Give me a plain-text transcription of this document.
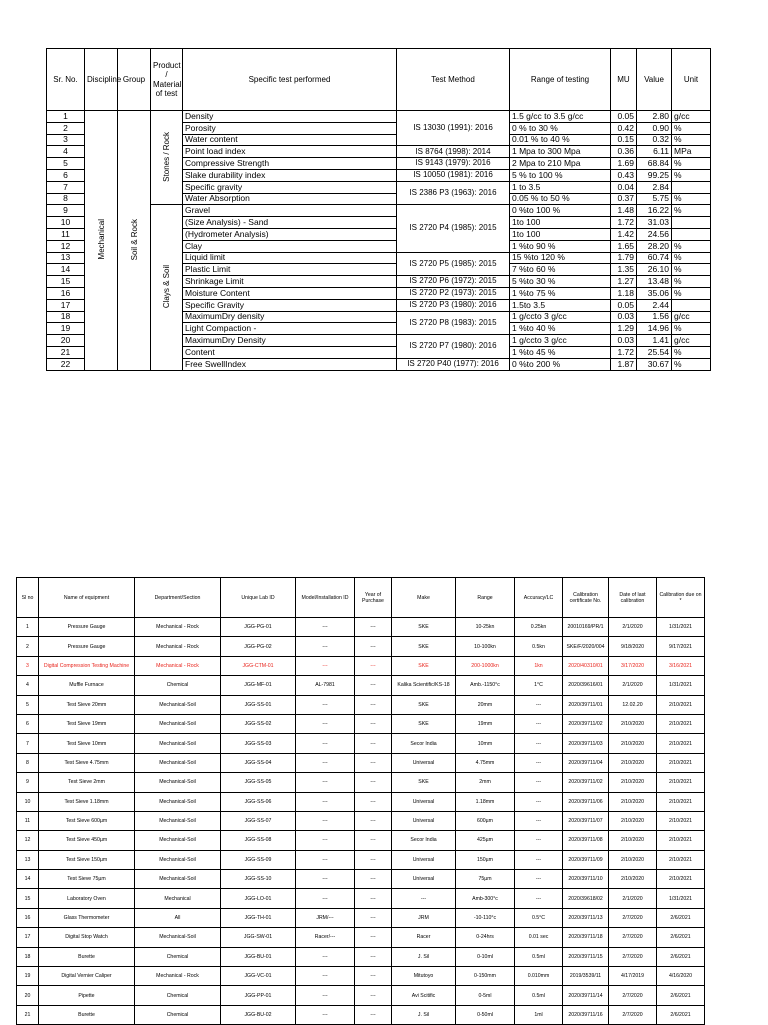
Sr. No.	Discipline	Group	Product / Material of test	Specific test performed	Test Method	Range of testing	MU	Value	Unit
1	Mechanical	Soil & Rock	Stones / Rock	Density	IS 13030 (1991): 2016	1.5 g/cc to 3.5 g/cc	0.05	2.80	g/cc
2				Porosity		0 % to 30 %	0.42	0.90	%
3				Water content		0.01 % to 40 %	0.15	0.32	%
4				Point load index	IS 8764 (1998): 2014	1 Mpa to 300 Mpa	0.36	6.11	MPa
5				Compressive Strength	IS 9143 (1979): 2016	2 Mpa to 210 Mpa	1.69	68.84	%
6				Slake durability index	IS 10050 (1981): 2016	5 % to 100 %	0.43	99.25	%
7				Specific gravity	IS 2386 P3 (1963): 2016	1 to 3.5	0.04	2.84	
8				Water Absorption		0.05 % to 50 %	0.37	5.75	%
9			Clays & Soil	Gravel	IS 2720 P4 (1985): 2015	0 %to 100 %	1.48	16.22	%
10				(Size Analysis) - Sand		1to 100	1.72	31.03	
11				(Hydrometer Analysis)		1to 100	1.42	24.56	
12				Clay		1 %to 90 %	1.65	28.20	%
13				Liquid limit	IS 2720 P5 (1985): 2015	15 %to 120 %	1.79	60.74	%
14				Plastic Limit		7 %to 60 %	1.35	26.10	%
15				Shrinkage Limit	IS 2720 P6 (1972): 2015	5 %to 30 %	1.27	13.48	%
16				Moisture Content	IS 2720 P2 (1973): 2015	1 %to 75 %	1.18	35.06	%
17				Specific Gravity	IS 2720 P3 (1980): 2016	1.5to 3.5	0.05	2.44	
18				MaximumDry density	IS 2720 P8 (1983): 2015	1 g/ccto 3 g/cc	0.03	1.56	g/cc
19				Light Compaction -		1 %to 40 %	1.29	14.96	%
20				MaximumDry Density	IS 2720 P7 (1980): 2016	1 g/ccto 3 g/cc	0.03	1.41	g/cc
21				Content		1 %to 45 %	1.72	25.54	%
22				Free SwellIndex	IS 2720 P40 (1977): 2016	0 %to 200 %	1.87	30.67	%
Sl no	Name of equipment	Department/Section	Unique Lab ID	Model/Installation ID	Year of Purchase	Make	Range	Accuracy/LC	Calibration certificate No.	Date of last calibration	Calibration due on *
1	Pressure Gauge	Mechanical - Rock	JGG-PG-01	---	---	SKE	10-25kn	0.25kn	20010169/PR/1	2/1/2020	1/31/2021
2	Pressure Gauge	Mechanical - Rock	JGG-PG-02	---	---	SKE	10-100kn	0.5kn	SKE/F/2020/004	9/18/2020	9/17/2021
3	Digital Compression Testing Machine	Mechanical - Rock	JGG-CTM-01	---	---	SKE	200-1000kn	1kn	2020/40310/01	3/17/2020	3/16/2021
4	Muffle Furnace	Chemical	JGG-MF-01	AL-7981	---	Kalika Scientific/KS-18	Amb.-1150°c	1°C	2020/39616/01	2/1/2020	1/31/2021
5	Test Sieve 20mm	Mechanical-Soil	JGG-SS-01	---	---	SKE	20mm	---	2020/39711/01	12.02.20	2/10/2021
6	Test Sieve 19mm	Mechanical-Soil	JGG-SS-02	---	---	SKE	19mm	---	2020/39711/02	2/10/2020	2/10/2021
7	Test Sieve 10mm	Mechanical-Soil	JGG-SS-03	---	---	Secor India	10mm	---	2020/39711/03	2/10/2020	2/10/2021
8	Test Sieve 4.75mm	Mechanical-Soil	JGG-SS-04	---	---	Universal	4.75mm	---	2020/39711/04	2/10/2020	2/10/2021
9	Test Sieve 2mm	Mechanical-Soil	JGG-SS-05	---	---	SKE	2mm	---	2020/39711/02	2/10/2020	2/10/2021
10	Test Sieve 1.18mm	Mechanical-Soil	JGG-SS-06	---	---	Universal	1.18mm	---	2020/39711/06	2/10/2020	2/10/2021
11	Test Sieve 600µm	Mechanical-Soil	JGG-SS-07	---	---	Universal	600µm	---	2020/39711/07	2/10/2020	2/10/2021
12	Test Sieve 450µm	Mechanical-Soil	JGG-SS-08	---	---	Secor India	425µm	---	2020/39711/08	2/10/2020	2/10/2021
13	Test Sieve 150µm	Mechanical-Soil	JGG-SS-09	---	---	Universal	150µm	---	2020/39711/09	2/10/2020	2/10/2021
14	Test Sieve 75µm	Mechanical-Soil	JGG-SS-10	---	---	Universal	75µm	---	2020/39711/10	2/10/2020	2/10/2021
15	Laboratory Oven	Mechanical	JGG-LO-01	---	---	---	Amb-300°c	---	2020/39618/02	2/1/2020	1/31/2021
16	Glass Thermometer	All	JGG-TH-01	JRM/---	---	JRM	-10-110°c	0.5°C	2020/39711/13	2/7/2020	2/6/2021
17	Digital Stop Watch	Mechanical-Soil	JGG-SW-01	Racer/---	---	Racer	0-24hrs	0.01 sec	2020/39711/18	2/7/2020	2/6/2021
18	Burette	Chemical	JGG-BU-01	---	---	J. Sil	0-10ml	0.5ml	2020/39711/15	2/7/2020	2/6/2021
19	Digital Vernier Caliper	Mechanical - Rock	JGG-VC-01	---	---	Mitutoyo	0-150mm	0.010mm	2019/3539/11	4/17/2019	4/16/2020
20	Pipette	Chemical	JGG-PP-01	---	---	Avi Scitific	0-5ml	0.5ml	2020/39711/14	2/7/2020	2/6/2021
21	Burette	Chemical	JGG-BU-02	---	---	J. Sil	0-50ml	1ml	2020/39711/16	2/7/2020	2/6/2021
